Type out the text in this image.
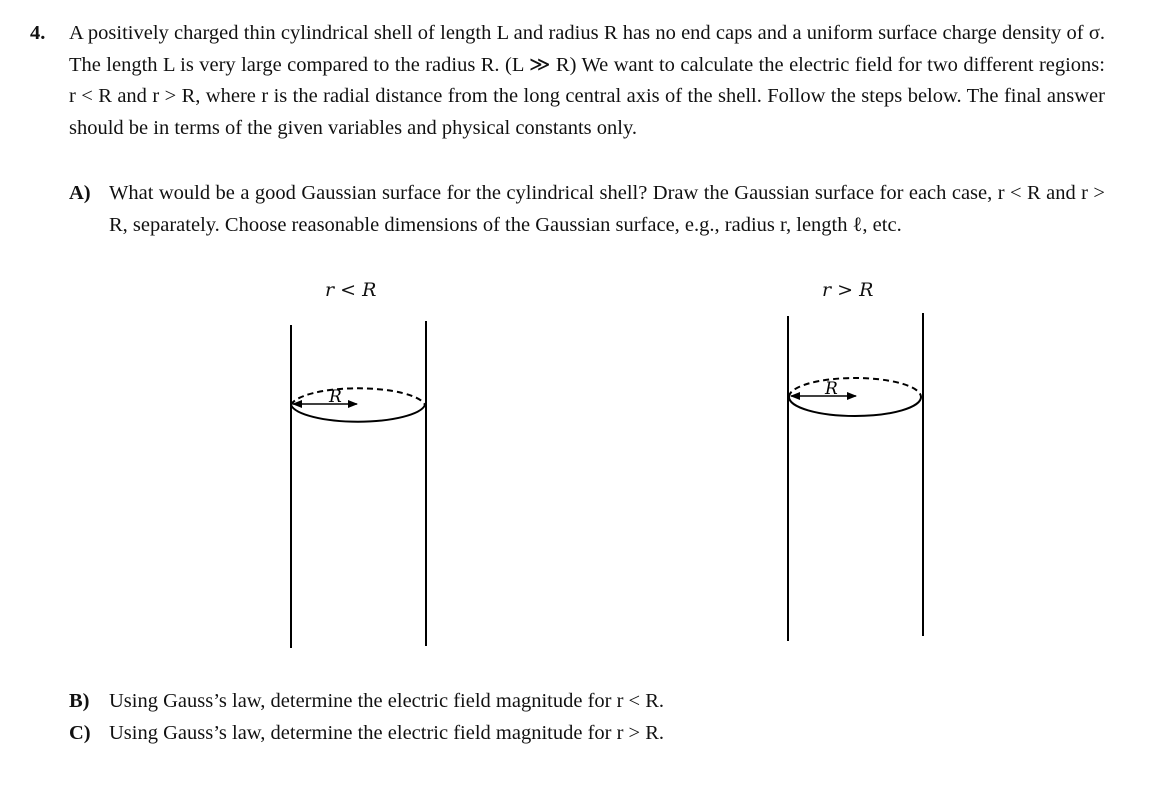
4. A positively charged thin cylindrical shell of length L and radius R has no end caps and a uniform surface charge density of σ. The length L is very large compared to the radius R. (L ≫ R) We want to calculate the electric field for two different regions: r < R and r > R, where r is the radial distance from the long central axis of the shell. Follow the steps below. The final answer should be in terms of the given variables and physical constants only.
A) What would be a good Gaussian surface for the cylindrical shell? Draw the Gaussian surface for each case, r < R and r > R, separately. Choose reasonable dimensions of the Gaussian surface, e.g., radius r, length ℓ, etc.
r < R	r > R
R	R
B) Using Gauss’s law, determine the electric field magnitude for r < R.
C) Using Gauss’s law, determine the electric field magnitude for r > R.
